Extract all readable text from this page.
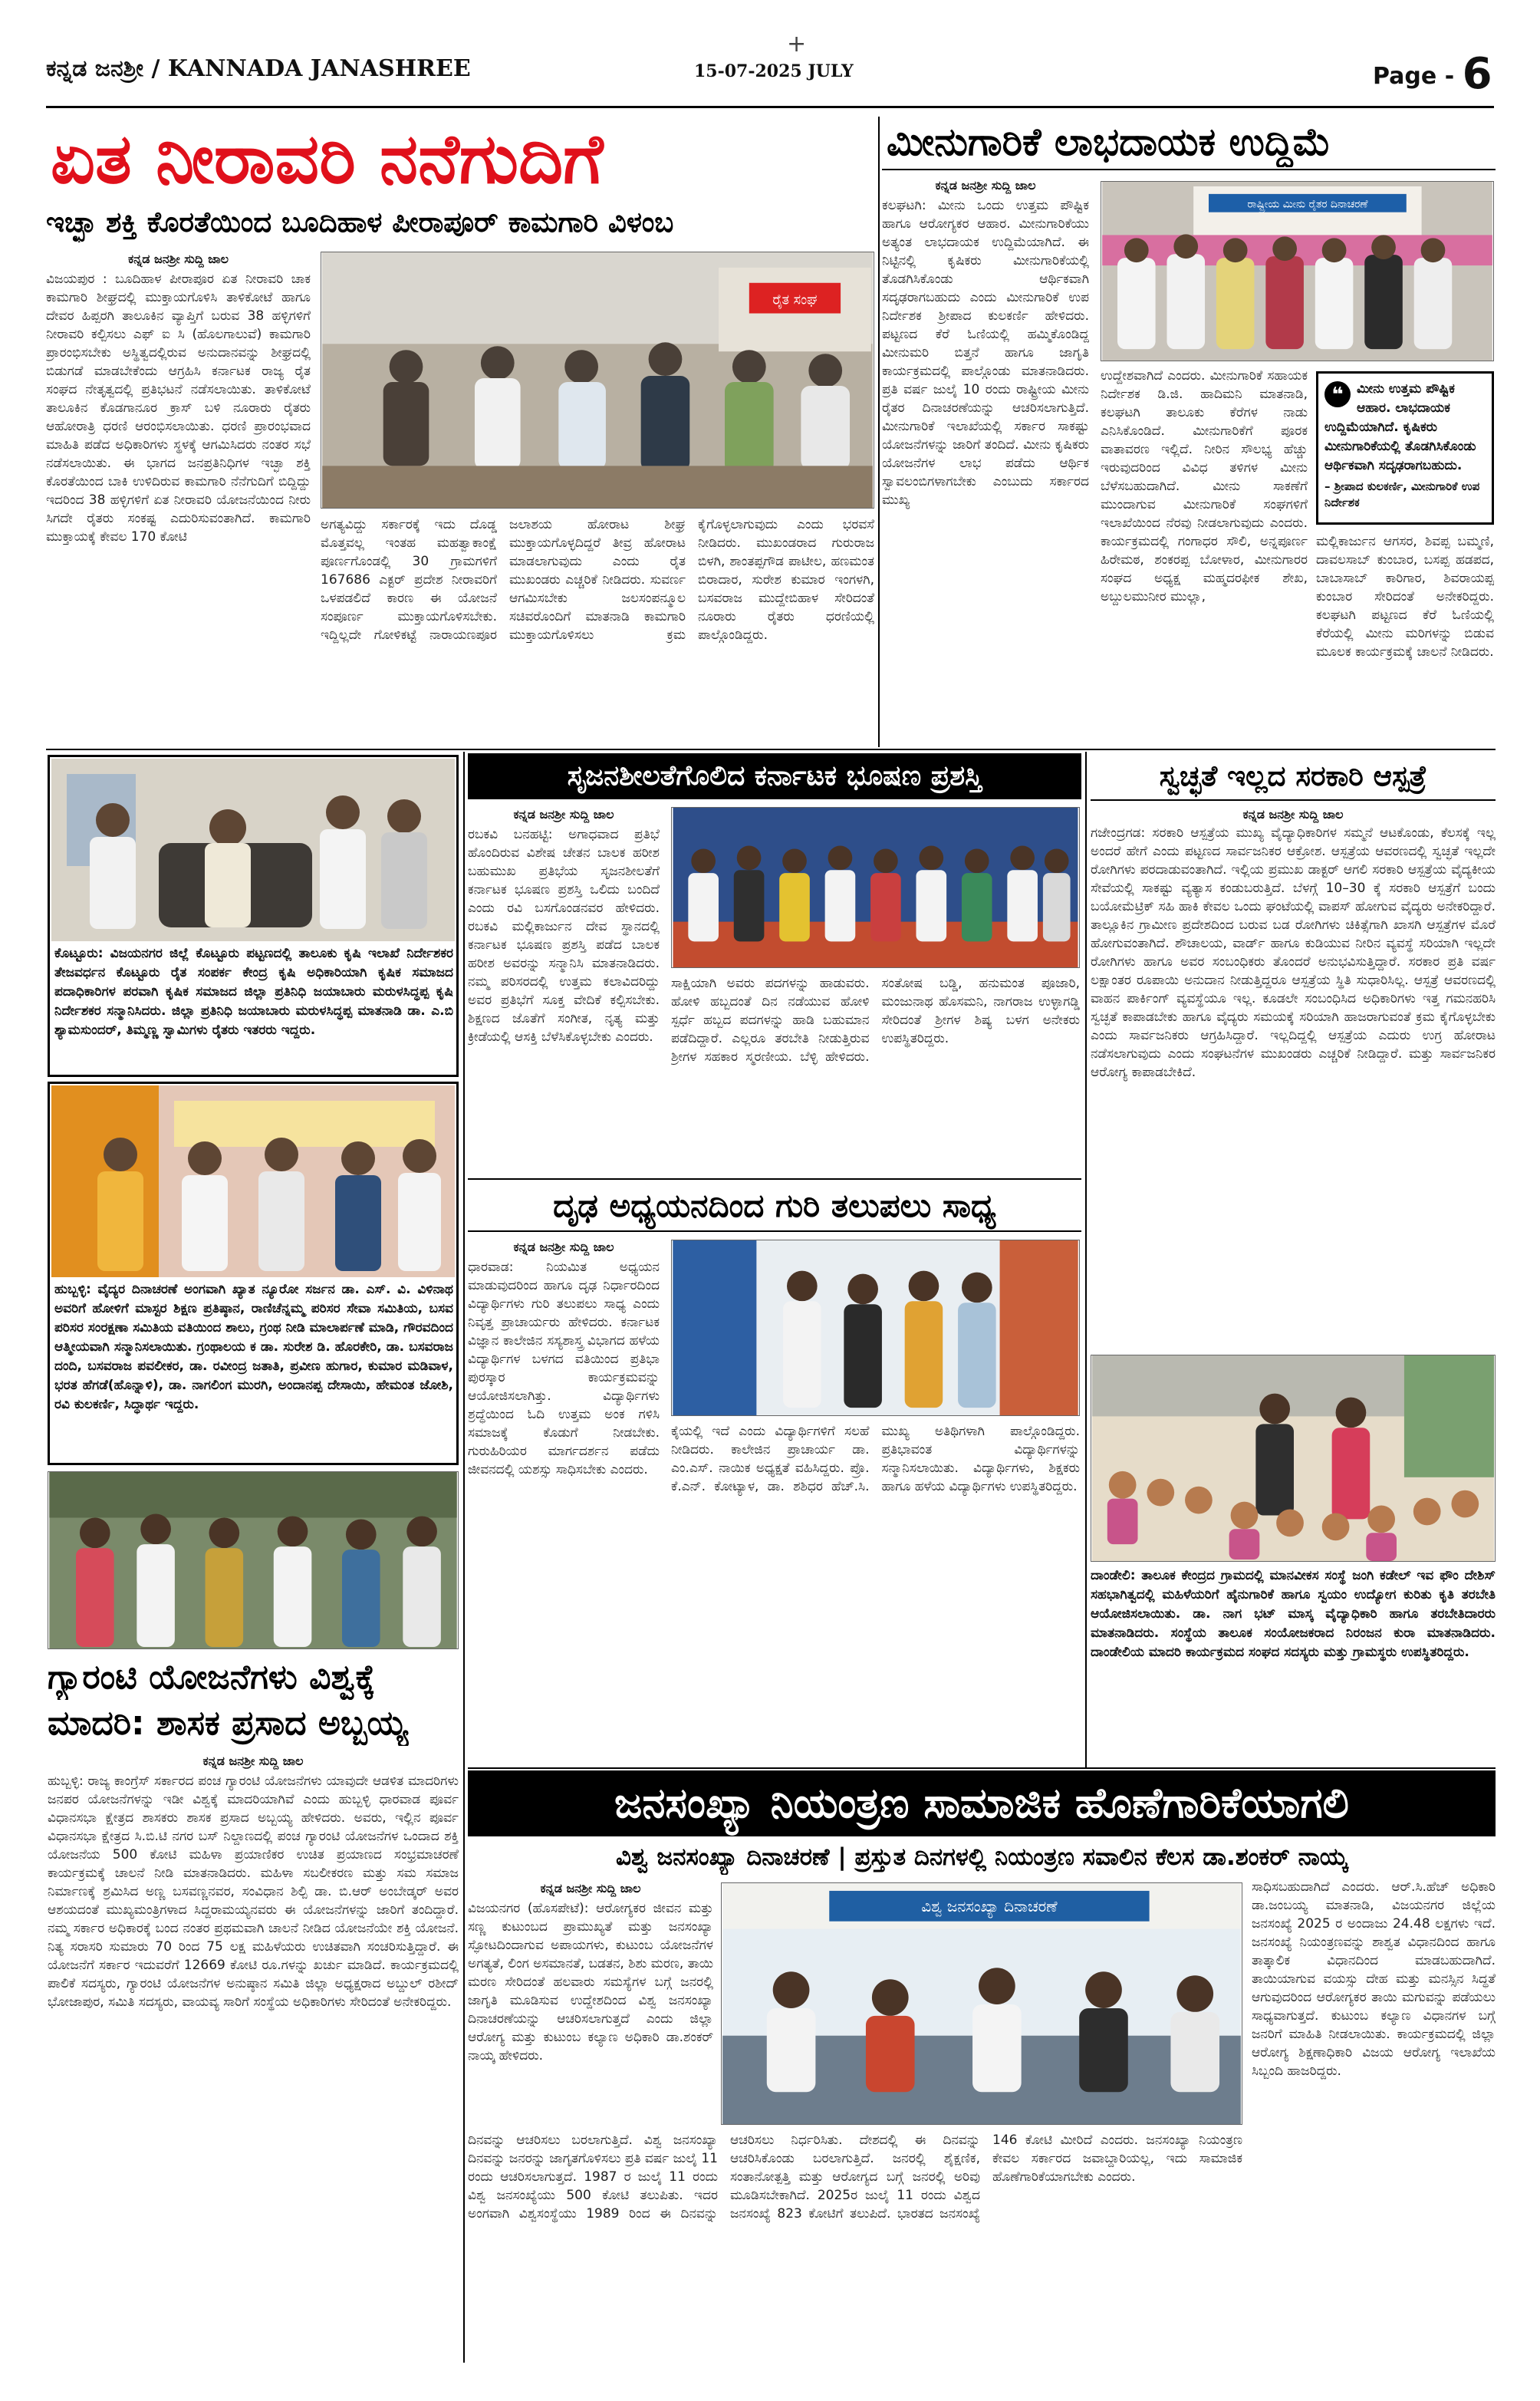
+
ಕನ್ನಡ ಜನಶ್ರೀ / KANNADA JANASHREE	15-07-2025 JULY	Page - 6
ಏತ ನೀರಾವರಿ ನನೆಗುದಿಗೆ
ಇಚ್ಛಾ ಶಕ್ತಿ ಕೊರತೆಯಿಂದ ಬೂದಿಹಾಳ ಪೀರಾಪೂರ್ ಕಾಮಗಾರಿ ವಿಳಂಬ
ಕನ್ನಡ ಜನಶ್ರೀ ಸುದ್ದಿ ಜಾಲ
ವಿಜಯಪುರ : ಬೂದಿಹಾಳ ಪೀರಾಪೂರ ಏತ ನೀರಾವರಿ ಚಾಕ ಕಾಮಗಾರಿ ಶೀಘ್ರದಲ್ಲಿ ಮುಕ್ತಾಯಗೊಳಿಸಿ ತಾಳಿಕೋಟೆ ಹಾಗೂ ದೇವರ ಹಿಪ್ಪರಗಿ ತಾಲೂಕಿನ ವ್ಯಾಪ್ತಿಗೆ ಬರುವ 38 ಹಳ್ಳಿಗಳಿಗೆ ನೀರಾವರಿ ಕಲ್ಪಿಸಲು ಎಫ್ ಐ ಸಿ (ಹೊಲಗಾಲುವೆ) ಕಾಮಗಾರಿ ಪ್ರಾರಂಭಿಸಬೇಕು ಅಸ್ಥಿತ್ವದಲ್ಲಿರುವ ಅನುದಾನವನ್ನು ಶೀಘ್ರದಲ್ಲಿ ಬಿಡುಗಡೆ ಮಾಡಬೇಕೆಂದು ಆಗ್ರಹಿಸಿ ಕರ್ನಾಟಕ ರಾಜ್ಯ ರೈತ ಸಂಘದ ನೇತೃತ್ವದಲ್ಲಿ ಪ್ರತಿಭಟನೆ ನಡೆಸಲಾಯಿತು. ತಾಳಿಕೋಟೆ ತಾಲೂಕಿನ ಕೊಡಗಾನೂರ ಕ್ರಾಸ್ ಬಳಿ ನೂರಾರು ರೈತರು ಆಹೋರಾತ್ರಿ ಧರಣಿ ಆರಂಭಿಸಲಾಯಿತು. ಧರಣಿ ಪ್ರಾರಂಭವಾದ ಮಾಹಿತಿ ಪಡೆದ ಅಧಿಕಾರಿಗಳು ಸ್ಥಳಕ್ಕೆ ಆಗಮಿಸಿದರು ನಂತರ ಸಭೆ ನಡೆಸಲಾಯಿತು. ಈ ಭಾಗದ ಜನಪ್ರತಿನಿಧಿಗಳ ಇಚ್ಛಾ ಶಕ್ತಿ ಕೊರತೆಯಿಂದ ಬಾಕಿ ಉಳಿದಿರುವ ಕಾಮಗಾರಿ ನೆನೆಗುದಿಗೆ ಬಿದ್ದಿದ್ದು ಇದರಿಂದ 38 ಹಳ್ಳಿಗಳಿಗೆ ಏತ ನೀರಾವರಿ ಯೋಜನೆಯಿಂದ ನೀರು ಸಿಗದೇ ರೈತರು ಸಂಕಷ್ಟ ಎದುರಿಸುವಂತಾಗಿದೆ. ಕಾಮಗಾರಿ ಮುಕ್ತಾಯಕ್ಕೆ ಕೇವಲ 170 ಕೋಟಿ
ರೈತ ಸಂಘ
ಅಗತ್ಯವಿದ್ದು ಸರ್ಕಾರಕ್ಕೆ ಇದು ದೊಡ್ಡ ಮೊತ್ತವಲ್ಲ ಇಂತಹ ಮಹತ್ವಾಕಾಂಕ್ಷೆ ಪೂರ್ಣಗೊಂಡಲ್ಲಿ 30 ಗ್ರಾಮಗಳಿಗೆ 167686 ಎಕ್ಟರ್ ಪ್ರದೇಶ ನೀರಾವರಿಗೆ ಒಳಪಡಲಿದೆ ಕಾರಣ ಈ ಯೋಜನೆ ಸಂಪೂರ್ಣ ಮುಕ್ತಾಯಗೊಳಿಸಬೇಕು. ಇದ್ದಿಲ್ಲದೇ ಗೋಳಿಕಟ್ಟೆ ನಾರಾಯಣಪೂರ ಜಲಾಶಯ ಹೋರಾಟ ಶೀಘ್ರ ಮುಕ್ತಾಯಗೊಳ್ಳದಿದ್ದರೆ ತೀವ್ರ ಹೋರಾಟ ಮಾಡಲಾಗುವುದು ಎಂದು ರೈತ ಮುಖಂಡರು ಎಚ್ಚರಿಕೆ ನೀಡಿದರು. ಸುವರ್ಣ ಆಗಮಿಸಬೇಕು ಜಲಸಂಪನ್ಮೂಲ ಸಚಿವರೊಂದಿಗೆ ಮಾತನಾಡಿ ಕಾಮಗಾರಿ ಮುಕ್ತಾಯಗೊಳಿಸಲು ಕ್ರಮ ಕೈಗೊಳ್ಳಲಾಗುವುದು ಎಂದು ಭರವಸೆ ನೀಡಿದರು. ಮುಖಂಡರಾದ ಗುರುರಾಜ ಬಿಳಗಿ, ಶಾಂತಪ್ಪಗೌಡ ಪಾಟೀಲ, ಹಣಮಂತ ಬಿರಾದಾರ, ಸುರೇಶ ಕುಮಾರ ಇಂಗಳಗಿ, ಬಸವರಾಜ ಮುದ್ದೇಬಿಹಾಳ ಸೇರಿದಂತೆ ನೂರಾರು ರೈತರು ಧರಣಿಯಲ್ಲಿ ಪಾಲ್ಗೊಂಡಿದ್ದರು.
ಮೀನುಗಾರಿಕೆ ಲಾಭದಾಯಕ ಉದ್ದಿಮೆ
ಕನ್ನಡ ಜನಶ್ರೀ ಸುದ್ದಿ ಜಾಲ
ಕಲಘಟಗಿ: ಮೀನು ಒಂದು ಉತ್ತಮ ಪೌಷ್ಟಿಕ ಹಾಗೂ ಆರೋಗ್ಯಕರ ಆಹಾರ. ಮೀನುಗಾರಿಕೆಯು ಅತ್ಯಂತ ಲಾಭದಾಯಕ ಉದ್ದಿಮೆಯಾಗಿದೆ. ಈ ನಿಟ್ಟಿನಲ್ಲಿ ಕೃಷಿಕರು ಮೀನುಗಾರಿಕೆಯಲ್ಲಿ ತೊಡಗಿಸಿಕೊಂಡು ಆರ್ಥಿಕವಾಗಿ ಸದೃಢರಾಗಬಹುದು ಎಂದು ಮೀನುಗಾರಿಕೆ ಉಪ ನಿರ್ದೇಶಕ ಶ್ರೀಪಾದ ಕುಲಕರ್ಣಿ ಹೇಳಿದರು. ಪಟ್ಟಣದ ಕೆರೆ ಓಣಿಯಲ್ಲಿ ಹಮ್ಮಿಕೊಂಡಿದ್ದ ಮೀನುಮರಿ ಬಿತ್ತನೆ ಹಾಗೂ ಜಾಗೃತಿ ಕಾರ್ಯಕ್ರಮದಲ್ಲಿ ಪಾಲ್ಗೊಂಡು ಮಾತನಾಡಿದರು. ಪ್ರತಿ ವರ್ಷ ಜುಲೈ 10 ರಂದು ರಾಷ್ಟ್ರೀಯ ಮೀನು ರೈತರ ದಿನಾಚರಣೆಯನ್ನು ಆಚರಿಸಲಾಗುತ್ತಿದೆ. ಮೀನುಗಾರಿಕೆ ಇಲಾಖೆಯಲ್ಲಿ ಸರ್ಕಾರ ಸಾಕಷ್ಟು ಯೋಜನೆಗಳನ್ನು ಜಾರಿಗೆ ತಂದಿದೆ. ಮೀನು ಕೃಷಿಕರು ಯೋಜನೆಗಳ ಲಾಭ ಪಡೆದು ಆರ್ಥಿಕ ಸ್ವಾವಲಂಬಿಗಳಾಗಬೇಕು ಎಂಬುದು ಸರ್ಕಾರದ ಮುಖ್ಯ
ರಾಷ್ಟ್ರೀಯ ಮೀನು ರೈತರ ದಿನಾಚರಣೆ
ಉದ್ದೇಶವಾಗಿದೆ ಎಂದರು. ಮೀನುಗಾರಿಕೆ ಸಹಾಯಕ ನಿರ್ದೇಶಕ ಡಿ.ಜಿ. ಹಾದಿಮನಿ ಮಾತನಾಡಿ, ಕಲಘಟಗಿ ತಾಲೂಕು ಕೆರೆಗಳ ನಾಡು ಎನಿಸಿಕೊಂಡಿದೆ. ಮೀನುಗಾರಿಕೆಗೆ ಪೂರಕ ವಾತಾವರಣ ಇಲ್ಲಿದೆ. ನೀರಿನ ಸೌಲಭ್ಯ ಹೆಚ್ಚು ಇರುವುದರಿಂದ ವಿವಿಧ ತಳಿಗಳ ಮೀನು ಬೆಳೆಸಬಹುದಾಗಿದೆ. ಮೀನು ಸಾಕಣೆಗೆ ಮುಂದಾಗುವ ಮೀನುಗಾರಿಕೆ ಸಂಘಗಳಿಗೆ ಇಲಾಖೆಯಿಂದ ನೆರವು ನೀಡಲಾಗುವುದು ಎಂದರು. ಕಾರ್ಯಕ್ರಮದಲ್ಲಿ ಗಂಗಾಧರ ಸೌಲಿ, ಅನ್ನಪೂರ್ಣ ಹಿರೇಮಠ, ಶಂಕರಪ್ಪ ಬೋಳಾರ, ಮೀನುಗಾರರ ಸಂಘದ ಅಧ್ಯಕ್ಷ ಮಹ್ಮದರಫೀಕ ಶೇಖ, ಅಬ್ದುಲಮುನೀರ ಮುಲ್ಲಾ,
❝	ಮೀನು ಉತ್ತಮ ಪೌಷ್ಟಿಕ ಆಹಾರ. ಲಾಭದಾಯಕ ಉದ್ದಿಮೆಯಾಗಿದೆ. ಕೃಷಿಕರು ಮೀನುಗಾರಿಕೆಯಲ್ಲಿ ತೊಡಗಿಸಿಕೊಂಡು ಆರ್ಥಿಕವಾಗಿ ಸದೃಢರಾಗಬಹುದು.
– ಶ್ರೀಪಾದ ಕುಲಕರ್ಣಿ, ಮೀನುಗಾರಿಕೆ ಉಪ ನಿರ್ದೇಶಕ
ಮಲ್ಲಿಕಾರ್ಜುನ ಆಗಸರ, ಶಿವಪ್ಪ ಬಮ್ಮಣಿ, ದಾವಲಸಾಬ್ ಕುಂಬಾರ, ಬಸಪ್ಪ ಹಡಪದ, ಬಾಬಾಸಾಬ್ ಕಾರಿಗಾರ, ಶಿವರಾಯಪ್ಪ ಕುಂಬಾರ ಸೇರಿದಂತೆ ಅನೇಕರಿದ್ದರು. ಕಲಘಟಗಿ ಪಟ್ಟಣದ ಕೆರೆ ಓಣಿಯಲ್ಲಿ ಕೆರೆಯಲ್ಲಿ ಮೀನು ಮರಿಗಳನ್ನು ಬಿಡುವ ಮೂಲಕ ಕಾರ್ಯಕ್ರಮಕ್ಕೆ ಚಾಲನೆ ನೀಡಿದರು.
ಕೊಟ್ಟೂರು: ವಿಜಯನಗರ ಜಿಲ್ಲೆ ಕೊಟ್ಟೂರು ಪಟ್ಟಣದಲ್ಲಿ ತಾಲೂಕು ಕೃಷಿ ಇಲಾಖೆ ನಿರ್ದೇಶಕರ ತೇಜವರ್ಧನ ಕೊಟ್ಟೂರು ರೈತ ಸಂಪರ್ಕ ಕೇಂದ್ರ ಕೃಷಿ ಅಧಿಕಾರಿಯಾಗಿ ಕೃಷಿಕ ಸಮಾಜದ ಪದಾಧಿಕಾರಿಗಳ ಪರವಾಗಿ ಕೃಷಿಕ ಸಮಾಜದ ಜಿಲ್ಲಾ ಪ್ರತಿನಿಧಿ ಜಯಾಬಾರು ಮರುಳಸಿದ್ಧಪ್ಪ ಕೃಷಿ ನಿರ್ದೇಶಕರ ಸನ್ಮಾನಿಸಿದರು. ಜಿಲ್ಲಾ ಪ್ರತಿನಿಧಿ ಜಯಾಬಾರು ಮರುಳಸಿದ್ಧಪ್ಪ ಮಾತನಾಡಿ ಡಾ. ಎ.ಬಿ ಶ್ಯಾಮಸುಂದರ್, ತಿಮ್ಮಣ್ಣ ಸ್ವಾಮಿಗಳು ರೈತರು ಇತರರು ಇದ್ದರು.
ಹುಬ್ಬಳ್ಳಿ: ವೈದ್ಯರ ದಿನಾಚರಣೆ ಅಂಗವಾಗಿ ಖ್ಯಾತ ನ್ಯೂರೋ ಸರ್ಜನ ಡಾ. ಎಸ್. ವಿ. ವಿಳಿನಾಥ ಅವರಿಗೆ ಹೋಳಿಗೆ ಮಾಸ್ಟರ ಶಿಕ್ಷಣ ಪ್ರತಿಷ್ಠಾನ, ರಾಣಿಚೆನ್ನಮ್ಮ ಪರಿಸರ ಸೇವಾ ಸಮಿತಿಯ, ಬಸವ ಪರಿಸರ ಸಂರಕ್ಷಣಾ ಸಮಿತಿಯ ವತಿಯಿಂದ ಶಾಲು, ಗ್ರಂಥ ನೀಡಿ ಮಾಲಾರ್ಪಣೆ ಮಾಡಿ, ಗೌರವದಿಂದ ಆತ್ಮೀಯವಾಗಿ ಸನ್ಮಾನಿಸಲಾಯಿತು. ಗ್ರಂಥಾಲಯ ಕ ಡಾ. ಸುರೇಶ ಡಿ. ಹೊರಕೇರಿ, ಡಾ. ಬಸವರಾಜ ದಂದಿ, ಬಸವರಾಜ ಪವಲೀಕರ, ಡಾ. ರವೀಂದ್ರ ಜತಾತಿ, ಪ್ರವೀಣ ಹುಗಾರ, ಕುಮಾರ ಮಡಿವಾಳ, ಭರತ ಹೆಗಡೆ(ಹೊನ್ನಾಳಿ), ಡಾ. ನಾಗಲಿಂಗ ಮುರಗಿ, ಅಂದಾನಪ್ಪ ದೇಸಾಯಿ, ಹೇಮಂತ ಜೋಶಿ, ರವಿ ಕುಲಕರ್ಣಿ, ಸಿದ್ಧಾರ್ಥ ಇದ್ದರು.
ಗ್ಯಾರಂಟಿ ಯೋಜನೆಗಳು ವಿಶ್ವಕ್ಕೆ
ಮಾದರಿ: ಶಾಸಕ ಪ್ರಸಾದ ಅಬ್ಬಯ್ಯ
ಕನ್ನಡ ಜನಶ್ರೀ ಸುದ್ದಿ ಜಾಲ
ಹುಬ್ಬಳ್ಳಿ: ರಾಜ್ಯ ಕಾಂಗ್ರೆಸ್ ಸರ್ಕಾರದ ಪಂಚ ಗ್ಯಾರಂಟಿ ಯೋಜನೆಗಳು ಯಾವುದೇ ಆಡಳಿತ ಮಾದರಿಗಳು ಜನಪರ ಯೋಜನೆಗಳನ್ನು ಇಡೀ ವಿಶ್ವಕ್ಕೆ ಮಾದರಿಯಾಗಿವೆ ಎಂದು ಹುಬ್ಬಳ್ಳಿ ಧಾರವಾಡ ಪೂರ್ವ ವಿಧಾನಸಭಾ ಕ್ಷೇತ್ರದ ಶಾಸಕರು ಶಾಸಕ ಪ್ರಸಾದ ಅಬ್ಬಯ್ಯ ಹೇಳಿದರು. ಅವರು, ಇಲ್ಲಿನ ಪೂರ್ವ ವಿಧಾನಸಭಾ ಕ್ಷೇತ್ರದ ಸಿ.ಬಿ.ಟಿ ನಗರ ಬಸ್ ನಿಲ್ದಾಣದಲ್ಲಿ ಪಂಚ ಗ್ಯಾರಂಟಿ ಯೋಜನೆಗಳ ಒಂದಾದ ಶಕ್ತಿ ಯೋಜನೆಯ 500 ಕೋಟಿ ಮಹಿಳಾ ಪ್ರಯಾಣಿಕರ ಉಚಿತ ಪ್ರಯಾಣದ ಸಂಭ್ರಮಾಚರಣೆ ಕಾರ್ಯಕ್ರಮಕ್ಕೆ ಚಾಲನೆ ನೀಡಿ ಮಾತನಾಡಿದರು. ಮಹಿಳಾ ಸಬಲೀಕರಣ ಮತ್ತು ಸಮ ಸಮಾಜ ನಿರ್ಮಾಣಕ್ಕೆ ಶ್ರಮಿಸಿದ ಅಣ್ಣ ಬಸವಣ್ಣನವರ, ಸಂವಿಧಾನ ಶಿಲ್ಪಿ ಡಾ. ಬಿ.ಆರ್ ಅಂಬೇಡ್ಕರ್ ಅವರ ಆಶಯದಂತೆ ಮುಖ್ಯಮಂತ್ರಿಗಳಾದ ಸಿದ್ದರಾಮಯ್ಯನವರು ಈ ಯೋಜನೆಗಳನ್ನು ಜಾರಿಗೆ ತಂದಿದ್ದಾರೆ. ನಮ್ಮ ಸರ್ಕಾರ ಅಧಿಕಾರಕ್ಕೆ ಬಂದ ನಂತರ ಪ್ರಥಮವಾಗಿ ಚಾಲನೆ ನೀಡಿದ ಯೋಜನೆಯೇ ಶಕ್ತಿ ಯೋಜನೆ. ನಿತ್ಯ ಸರಾಸರಿ ಸುಮಾರು 70 ರಿಂದ 75 ಲಕ್ಷ ಮಹಿಳೆಯರು ಉಚಿತವಾಗಿ ಸಂಚರಿಸುತ್ತಿದ್ದಾರೆ. ಈ ಯೋಜನೆಗೆ ಸರ್ಕಾರ ಇದುವರೆಗೆ 12669 ಕೋಟಿ ರೂ.ಗಳನ್ನು ಖರ್ಚು ಮಾಡಿದೆ. ಕಾರ್ಯಕ್ರಮದಲ್ಲಿ ಪಾಲಿಕೆ ಸದಸ್ಯರು, ಗ್ಯಾರಂಟಿ ಯೋಜನೆಗಳ ಅನುಷ್ಠಾನ ಸಮಿತಿ ಜಿಲ್ಲಾ ಅಧ್ಯಕ್ಷರಾದ ಅಬ್ದುಲ್ ರಶೀದ್ ಭೋಜಾಪುರ, ಸಮಿತಿ ಸದಸ್ಯರು, ವಾಯವ್ಯ ಸಾರಿಗೆ ಸಂಸ್ಥೆಯ ಅಧಿಕಾರಿಗಳು ಸೇರಿದಂತೆ ಅನೇಕರಿದ್ದರು.
ಸೃಜನಶೀಲತೆಗೊಲಿದ ಕರ್ನಾಟಕ ಭೂಷಣ ಪ್ರಶಸ್ತಿ
ಕನ್ನಡ ಜನಶ್ರೀ ಸುದ್ದಿ ಜಾಲ
ರಬಕವಿ ಬನಹಟ್ಟಿ: ಅಗಾಧವಾದ ಪ್ರತಿಭೆ ಹೊಂದಿರುವ ವಿಶೇಷ ಚೇತನ ಬಾಲಕ ಹರೀಶ ಬಹುಮುಖ ಪ್ರತಿಭೆಯ ಸೃಜನಶೀಲತೆಗೆ ಕರ್ನಾಟಕ ಭೂಷಣ ಪ್ರಶಸ್ತಿ ಒಲಿದು ಬಂದಿದೆ ಎಂದು ರವಿ ಬಸಗೊಂಡನವರ ಹೇಳಿದರು. ರಬಕವಿ ಮಲ್ಲಿಕಾರ್ಜುನ ದೇವ ಸ್ಥಾನದಲ್ಲಿ ಕರ್ನಾಟಕ ಭೂಷಣ ಪ್ರಶಸ್ತಿ ಪಡೆದ ಬಾಲಕ ಹರೀಶ ಅವರನ್ನು ಸನ್ಮಾನಿಸಿ ಮಾತನಾಡಿದರು. ನಮ್ಮ ಪರಿಸರದಲ್ಲಿ ಉತ್ತಮ ಕಲಾವಿದರಿದ್ದು ಅವರ ಪ್ರತಿಭೆಗೆ ಸೂಕ್ತ ವೇದಿಕೆ ಕಲ್ಪಿಸಬೇಕು. ಶಿಕ್ಷಣದ ಜೊತೆಗೆ ಸಂಗೀತ, ನೃತ್ಯ ಮತ್ತು ಕ್ರೀಡೆಯಲ್ಲಿ ಆಸಕ್ತಿ ಬೆಳೆಸಿಕೊಳ್ಳಬೇಕು ಎಂದರು.
ಸಾಕ್ಷಿಯಾಗಿ ಅವರು ಪದಗಳನ್ನು ಹಾಡುವರು. ಹೋಳಿ ಹಬ್ಬದಂತೆ ದಿನ ನಡೆಯುವ ಹೋಳಿ ಸ್ಪರ್ಧೆ ಹಬ್ಬದ ಪದಗಳನ್ನು ಹಾಡಿ ಬಹುಮಾನ ಪಡೆದಿದ್ದಾರೆ. ಎಲ್ಲರೂ ತರಬೇತಿ ನೀಡುತ್ತಿರುವ ಶ್ರೀಗಳ ಸಹಕಾರ ಸ್ಮರಣೀಯ. ಬೆಳ್ಳಿ ಹೇಳಿದರು. ಸಂತೋಷ ಬಡ್ಡಿ, ಹನುಮಂತ ಪೂಜಾರಿ, ಮಂಜುನಾಥ ಹೊಸಮನಿ, ನಾಗರಾಜ ಉಳ್ಳಾಗಡ್ಡಿ ಸೇರಿದಂತೆ ಶ್ರೀಗಳ ಶಿಷ್ಯ ಬಳಗ ಅನೇಕರು ಉಪಸ್ಥಿತರಿದ್ದರು.
ದೃಢ ಅಧ್ಯಯನದಿಂದ ಗುರಿ ತಲುಪಲು ಸಾಧ್ಯ
ಕನ್ನಡ ಜನಶ್ರೀ ಸುದ್ದಿ ಜಾಲ
ಧಾರವಾಡ: ನಿಯಮಿತ ಅಧ್ಯಯನ ಮಾಡುವುದರಿಂದ ಹಾಗೂ ದೃಢ ನಿರ್ಧಾರದಿಂದ ವಿದ್ಯಾರ್ಥಿಗಳು ಗುರಿ ತಲುಪಲು ಸಾಧ್ಯ ಎಂದು ನಿವೃತ್ತ ಪ್ರಾಚಾರ್ಯರು ಹೇಳಿದರು. ಕರ್ನಾಟಕ ವಿಜ್ಞಾನ ಕಾಲೇಜಿನ ಸಸ್ಯಶಾಸ್ತ್ರ ವಿಭಾಗದ ಹಳೆಯ ವಿದ್ಯಾರ್ಥಿಗಳ ಬಳಗದ ವತಿಯಿಂದ ಪ್ರತಿಭಾ ಪುರಸ್ಕಾರ ಕಾರ್ಯಕ್ರಮವನ್ನು ಆಯೋಜಿಸಲಾಗಿತ್ತು. ವಿದ್ಯಾರ್ಥಿಗಳು ಶ್ರದ್ಧೆಯಿಂದ ಓದಿ ಉತ್ತಮ ಅಂಕ ಗಳಿಸಿ ಸಮಾಜಕ್ಕೆ ಕೊಡುಗೆ ನೀಡಬೇಕು. ಗುರುಹಿರಿಯರ ಮಾರ್ಗದರ್ಶನ ಪಡೆದು ಜೀವನದಲ್ಲಿ ಯಶಸ್ಸು ಸಾಧಿಸಬೇಕು ಎಂದರು.
ಕೈಯಲ್ಲಿ ಇದೆ ಎಂದು ವಿದ್ಯಾರ್ಥಿಗಳಿಗೆ ಸಲಹೆ ನೀಡಿದರು. ಕಾಲೇಜಿನ ಪ್ರಾಚಾರ್ಯ ಡಾ. ಎಂ.ಎಸ್. ನಾಯಿಕ ಅಧ್ಯಕ್ಷತೆ ವಹಿಸಿದ್ದರು. ಪ್ರೊ. ಕೆ.ಎನ್. ಕೋಟ್ಯಾಳ, ಡಾ. ಶಶಿಧರ ಹೆಚ್.ಸಿ. ಮುಖ್ಯ ಅತಿಥಿಗಳಾಗಿ ಪಾಲ್ಗೊಂಡಿದ್ದರು. ಪ್ರತಿಭಾವಂತ ವಿದ್ಯಾರ್ಥಿಗಳನ್ನು ಸನ್ಮಾನಿಸಲಾಯಿತು. ವಿದ್ಯಾರ್ಥಿಗಳು, ಶಿಕ್ಷಕರು ಹಾಗೂ ಹಳೆಯ ವಿದ್ಯಾರ್ಥಿಗಳು ಉಪಸ್ಥಿತರಿದ್ದರು.
ಸ್ವಚ್ಛತೆ ಇಲ್ಲದ ಸರಕಾರಿ ಆಸ್ಪತ್ರೆ
ಕನ್ನಡ ಜನಶ್ರೀ ಸುದ್ದಿ ಜಾಲ
ಗಜೇಂದ್ರಗಡ: ಸರಕಾರಿ ಆಸ್ಪತ್ರೆಯ ಮುಖ್ಯ ವೈದ್ಯಾಧಿಕಾರಿಗಳ ಸಮ್ಮನೆ ಆಟಕೊಂಡು, ಕೆಲಸಕ್ಕೆ ಇಲ್ಲ ಅಂದರೆ ಹೇಗೆ ಎಂದು ಪಟ್ಟಣದ ಸಾರ್ವಜನಿಕರ ಆಕ್ರೋಶ. ಆಸ್ಪತ್ರೆಯ ಆವರಣದಲ್ಲಿ ಸ್ವಚ್ಛತೆ ಇಲ್ಲದೇ ರೋಗಿಗಳು ಪರದಾಡುವಂತಾಗಿದೆ. ಇಲ್ಲಿಯ ಪ್ರಮುಖ ಡಾಕ್ಟರ್ ಆಗಲಿ ಸರಕಾರಿ ಆಸ್ಪತ್ರೆಯ ವೈದ್ಯಕೀಯ ಸೇವೆಯಲ್ಲಿ ಸಾಕಷ್ಟು ವ್ಯತ್ಯಾಸ ಕಂಡುಬರುತ್ತಿದೆ. ಬೆಳಗ್ಗೆ 10–30 ಕ್ಕೆ ಸರಕಾರಿ ಆಸ್ಪತ್ರೆಗೆ ಬಂದು ಬಯೋಮೆಟ್ರಿಕ್ ಸಹಿ ಹಾಕಿ ಕೇವಲ ಒಂದು ಘಂಟೆಯಲ್ಲಿ ವಾಪಸ್ ಹೋಗುವ ವೈದ್ಯರು ಅನೇಕರಿದ್ದಾರೆ. ತಾಲ್ಲೂಕಿನ ಗ್ರಾಮೀಣ ಪ್ರದೇಶದಿಂದ ಬರುವ ಬಡ ರೋಗಿಗಳು ಚಿಕಿತ್ಸೆಗಾಗಿ ಖಾಸಗಿ ಆಸ್ಪತ್ರೆಗಳ ಮೊರೆ ಹೋಗುವಂತಾಗಿದೆ. ಶೌಚಾಲಯ, ವಾರ್ಡ್ ಹಾಗೂ ಕುಡಿಯುವ ನೀರಿನ ವ್ಯವಸ್ಥೆ ಸರಿಯಾಗಿ ಇಲ್ಲದೇ ರೋಗಿಗಳು ಹಾಗೂ ಅವರ ಸಂಬಂಧಿಕರು ತೊಂದರೆ ಅನುಭವಿಸುತ್ತಿದ್ದಾರೆ. ಸರಕಾರ ಪ್ರತಿ ವರ್ಷ ಲಕ್ಷಾಂತರ ರೂಪಾಯಿ ಅನುದಾನ ನೀಡುತ್ತಿದ್ದರೂ ಆಸ್ಪತ್ರೆಯ ಸ್ಥಿತಿ ಸುಧಾರಿಸಿಲ್ಲ. ಆಸ್ಪತ್ರೆ ಆವರಣದಲ್ಲಿ ವಾಹನ ಪಾರ್ಕಿಂಗ್ ವ್ಯವಸ್ಥೆಯೂ ಇಲ್ಲ. ಕೂಡಲೇ ಸಂಬಂಧಿಸಿದ ಅಧಿಕಾರಿಗಳು ಇತ್ತ ಗಮನಹರಿಸಿ ಸ್ವಚ್ಛತೆ ಕಾಪಾಡಬೇಕು ಹಾಗೂ ವೈದ್ಯರು ಸಮಯಕ್ಕೆ ಸರಿಯಾಗಿ ಹಾಜರಾಗುವಂತೆ ಕ್ರಮ ಕೈಗೊಳ್ಳಬೇಕು ಎಂದು ಸಾರ್ವಜನಿಕರು ಆಗ್ರಹಿಸಿದ್ದಾರೆ. ಇಲ್ಲದಿದ್ದಲ್ಲಿ ಆಸ್ಪತ್ರೆಯ ಎದುರು ಉಗ್ರ ಹೋರಾಟ ನಡೆಸಲಾಗುವುದು ಎಂದು ಸಂಘಟನೆಗಳ ಮುಖಂಡರು ಎಚ್ಚರಿಕೆ ನೀಡಿದ್ದಾರೆ. ಮತ್ತು ಸಾರ್ವಜನಿಕರ ಆರೋಗ್ಯ ಕಾಪಾಡಬೇಕಿದೆ.
ದಾಂಡೇಲಿ: ತಾಲೂಕ ಕೇಂದ್ರದ ಗ್ರಾಮದಲ್ಲಿ ಮಾನವೀಕಸ ಸಂಸ್ಥೆ ಜಂಗಿ ಕಡೇಲ್ ಇವ ಫೌಂ ದೇಶಿಸ್ ಸಹಭಾಗಿತ್ವದಲ್ಲಿ ಮಹಿಳೆಯರಿಗೆ ಹೈನುಗಾರಿಕೆ ಹಾಗೂ ಸ್ವಯಂ ಉದ್ಯೋಗ ಕುರಿತು ಕೃತಿ ತರಬೇತಿ ಆಯೋಜಿಸಲಾಯಿತು. ಡಾ. ನಾಗ ಭಟ್ ಮಾಸ್ಕ ವೈದ್ಯಾಧಿಕಾರಿ ಹಾಗೂ ತರಬೇತಿದಾರರು ಮಾತನಾಡಿದರು. ಸಂಸ್ಥೆಯ ತಾಲೂಕ ಸಂಯೋಜಕರಾದ ನಿರಂಜನ ಕುರಾ ಮಾತನಾಡಿದರು. ದಾಂಡೇಲಿಯ ಮಾದರಿ ಕಾರ್ಯಕ್ರಮದ ಸಂಘದ ಸದಸ್ಯರು ಮತ್ತು ಗ್ರಾಮಸ್ಥರು ಉಪಸ್ಥಿತರಿದ್ದರು.
ಜನಸಂಖ್ಯಾ ನಿಯಂತ್ರಣ ಸಾಮಾಜಿಕ ಹೊಣೆಗಾರಿಕೆಯಾಗಲಿ
ವಿಶ್ವ ಜನಸಂಖ್ಯಾ ದಿನಾಚರಣೆ | ಪ್ರಸ್ತುತ ದಿನಗಳಲ್ಲಿ ನಿಯಂತ್ರಣ ಸವಾಲಿನ ಕೆಲಸ ಡಾ.ಶಂಕರ್ ನಾಯ್ಕ
ಕನ್ನಡ ಜನಶ್ರೀ ಸುದ್ದಿ ಜಾಲ
ವಿಜಯನಗರ (ಹೊಸಪೇಟೆ): ಆರೋಗ್ಯಕರ ಜೀವನ ಮತ್ತು ಸಣ್ಣ ಕುಟುಂಬದ ಪ್ರಾಮುಖ್ಯತೆ ಮತ್ತು ಜನಸಂಖ್ಯಾ ಸ್ಫೋಟದಿಂದಾಗುವ ಅಪಾಯಗಳು, ಕುಟುಂಬ ಯೋಜನೆಗಳ ಅಗತ್ಯತೆ, ಲಿಂಗ ಅಸಮಾನತೆ, ಬಡತನ, ಶಿಶು ಮರಣ, ತಾಯಿ ಮರಣ ಸೇರಿದಂತೆ ಹಲವಾರು ಸಮಸ್ಯೆಗಳ ಬಗ್ಗೆ ಜನರಲ್ಲಿ ಜಾಗೃತಿ ಮೂಡಿಸುವ ಉದ್ದೇಶದಿಂದ ವಿಶ್ವ ಜನಸಂಖ್ಯಾ ದಿನಾಚರಣೆಯನ್ನು ಆಚರಿಸಲಾಗುತ್ತದೆ ಎಂದು ಜಿಲ್ಲಾ ಆರೋಗ್ಯ ಮತ್ತು ಕುಟುಂಬ ಕಲ್ಯಾಣ ಅಧಿಕಾರಿ ಡಾ.ಶಂಕರ್ ನಾಯ್ಕ ಹೇಳಿದರು.
ವಿಶ್ವ ಜನಸಂಖ್ಯಾ ದಿನಾಚರಣೆ
ದಿನವನ್ನು ಆಚರಿಸಲು ಬರಲಾಗುತ್ತಿದೆ. ವಿಶ್ವ ಜನಸಂಖ್ಯಾ ದಿನವನ್ನು ಜನರನ್ನು ಜಾಗೃತಗೊಳಿಸಲು ಪ್ರತಿ ವರ್ಷ ಜುಲೈ 11 ರಂದು ಆಚರಿಸಲಾಗುತ್ತದೆ. 1987 ರ ಜುಲೈ 11 ರಂದು ವಿಶ್ವ ಜನಸಂಖ್ಯೆಯು 500 ಕೋಟಿ ತಲುಪಿತು. ಇದರ ಅಂಗವಾಗಿ ವಿಶ್ವಸಂಸ್ಥೆಯು 1989 ರಿಂದ ಈ ದಿನವನ್ನು ಆಚರಿಸಲು ನಿರ್ಧರಿಸಿತು. ದೇಶದಲ್ಲಿ ಈ ದಿನವನ್ನು ಆಚರಿಸಿಕೊಂಡು ಬರಲಾಗುತ್ತಿದೆ. ಜನರಲ್ಲಿ ಶೈಕ್ಷಣಿಕ, ಸಂತಾನೋತ್ಪತ್ತಿ ಮತ್ತು ಆರೋಗ್ಯದ ಬಗ್ಗೆ ಜನರಲ್ಲಿ ಅರಿವು ಮೂಡಿಸಬೇಕಾಗಿದೆ. 2025ರ ಜುಲೈ 11 ರಂದು ವಿಶ್ವದ ಜನಸಂಖ್ಯೆ 823 ಕೋಟಿಗೆ ತಲುಪಿದೆ. ಭಾರತದ ಜನಸಂಖ್ಯೆ 146 ಕೋಟಿ ಮೀರಿದೆ ಎಂದರು. ಜನಸಂಖ್ಯಾ ನಿಯಂತ್ರಣ ಕೇವಲ ಸರ್ಕಾರದ ಜವಾಬ್ದಾರಿಯಲ್ಲ, ಇದು ಸಾಮಾಜಿಕ ಹೊಣೆಗಾರಿಕೆಯಾಗಬೇಕು ಎಂದರು.
ಸಾಧಿಸಬಹುದಾಗಿದೆ ಎಂದರು. ಆರ್.ಸಿ.ಹೆಚ್ ಅಧಿಕಾರಿ ಡಾ.ಜಂಬಯ್ಯ ಮಾತನಾಡಿ, ವಿಜಯನಗರ ಜಿಲ್ಲೆಯ ಜನಸಂಖ್ಯೆ 2025 ರ ಅಂದಾಜು 24.48 ಲಕ್ಷಗಳು ಇದೆ. ಜನಸಂಖ್ಯೆ ನಿಯಂತ್ರಣವನ್ನು ಶಾಶ್ವತ ವಿಧಾನದಿಂದ ಹಾಗೂ ತಾತ್ಕಾಲಿಕ ವಿಧಾನದಿಂದ ಮಾಡಬಹುದಾಗಿದೆ. ತಾಯಿಯಾಗುವ ವಯಸ್ಸು ದೇಹ ಮತ್ತು ಮನಸ್ಸಿನ ಸಿದ್ಧತೆ ಆಗುವುದರಿಂದ ಆರೋಗ್ಯಕರ ತಾಯಿ ಮಗುವನ್ನು ಪಡೆಯಲು ಸಾಧ್ಯವಾಗುತ್ತದೆ. ಕುಟುಂಬ ಕಲ್ಯಾಣ ವಿಧಾನಗಳ ಬಗ್ಗೆ ಜನರಿಗೆ ಮಾಹಿತಿ ನೀಡಲಾಯಿತು. ಕಾರ್ಯಕ್ರಮದಲ್ಲಿ ಜಿಲ್ಲಾ ಆರೋಗ್ಯ ಶಿಕ್ಷಣಾಧಿಕಾರಿ ವಿಜಯ ಆರೋಗ್ಯ ಇಲಾಖೆಯ ಸಿಬ್ಬಂದಿ ಹಾಜರಿದ್ದರು.
